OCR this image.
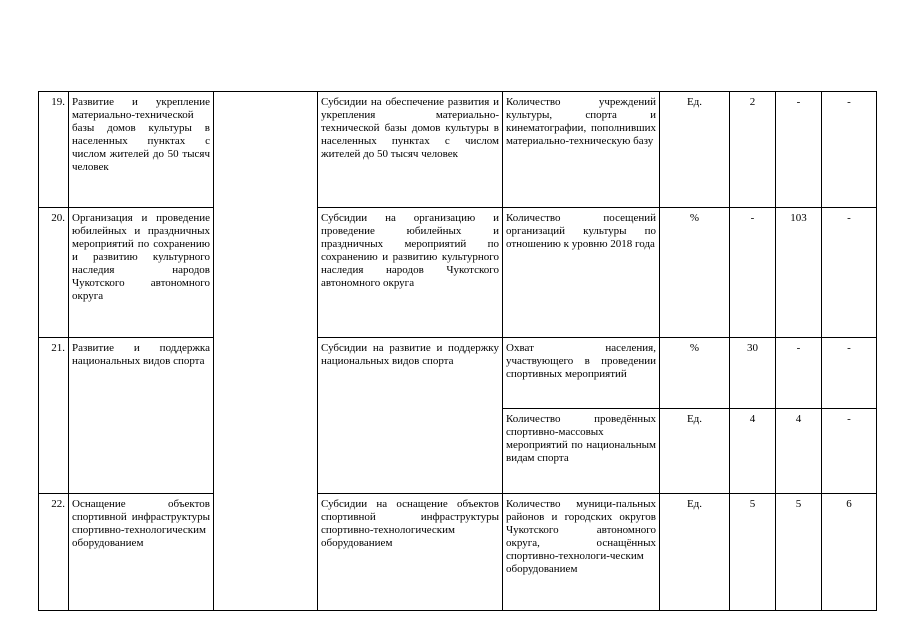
19.	Развитие и укрепление материально-технической базы домов культуры в населенных пунктах с числом жителей до 50 тысяч человек		Субсидии на обеспечение развития и укрепления материально-технической базы домов культуры в населенных пунктах с числом жителей до 50 тысяч человек	Количество учреждений культуры, спорта и кинематографии, пополнивших материально-техническую базу	Ед.	2	-	-
20.	Организация и проведение юбилейных и праздничных мероприятий по сохранению и развитию культурного наследия народов Чукотского автономного округа		Субсидии на организацию и проведение юбилейных и праздничных мероприятий по сохранению и развитию культурного наследия народов Чукотского автономного округа	Количество посещений организаций культуры по отношению к уровню 2018 года	%	-	103	-
21.	Развитие и поддержка национальных видов спорта		Субсидии на развитие и поддержку национальных видов спорта	Охват населения, участвующего в проведении спортивных мероприятий	%	30	-	-
				Количество проведённых спортивно-массовых мероприятий по национальным видам спорта	Ед.	4	4	-
22.	Оснащение объектов спортивной инфраструктуры спортивно-технологическим оборудованием		Субсидии на оснащение объектов спортивной инфраструктуры спортивно-технологическим оборудованием	Количество муници-пальных районов и городских округов Чукотского автономного округа, оснащённых спортивно-технологи-ческим оборудованием	Ед.	5	5	6
